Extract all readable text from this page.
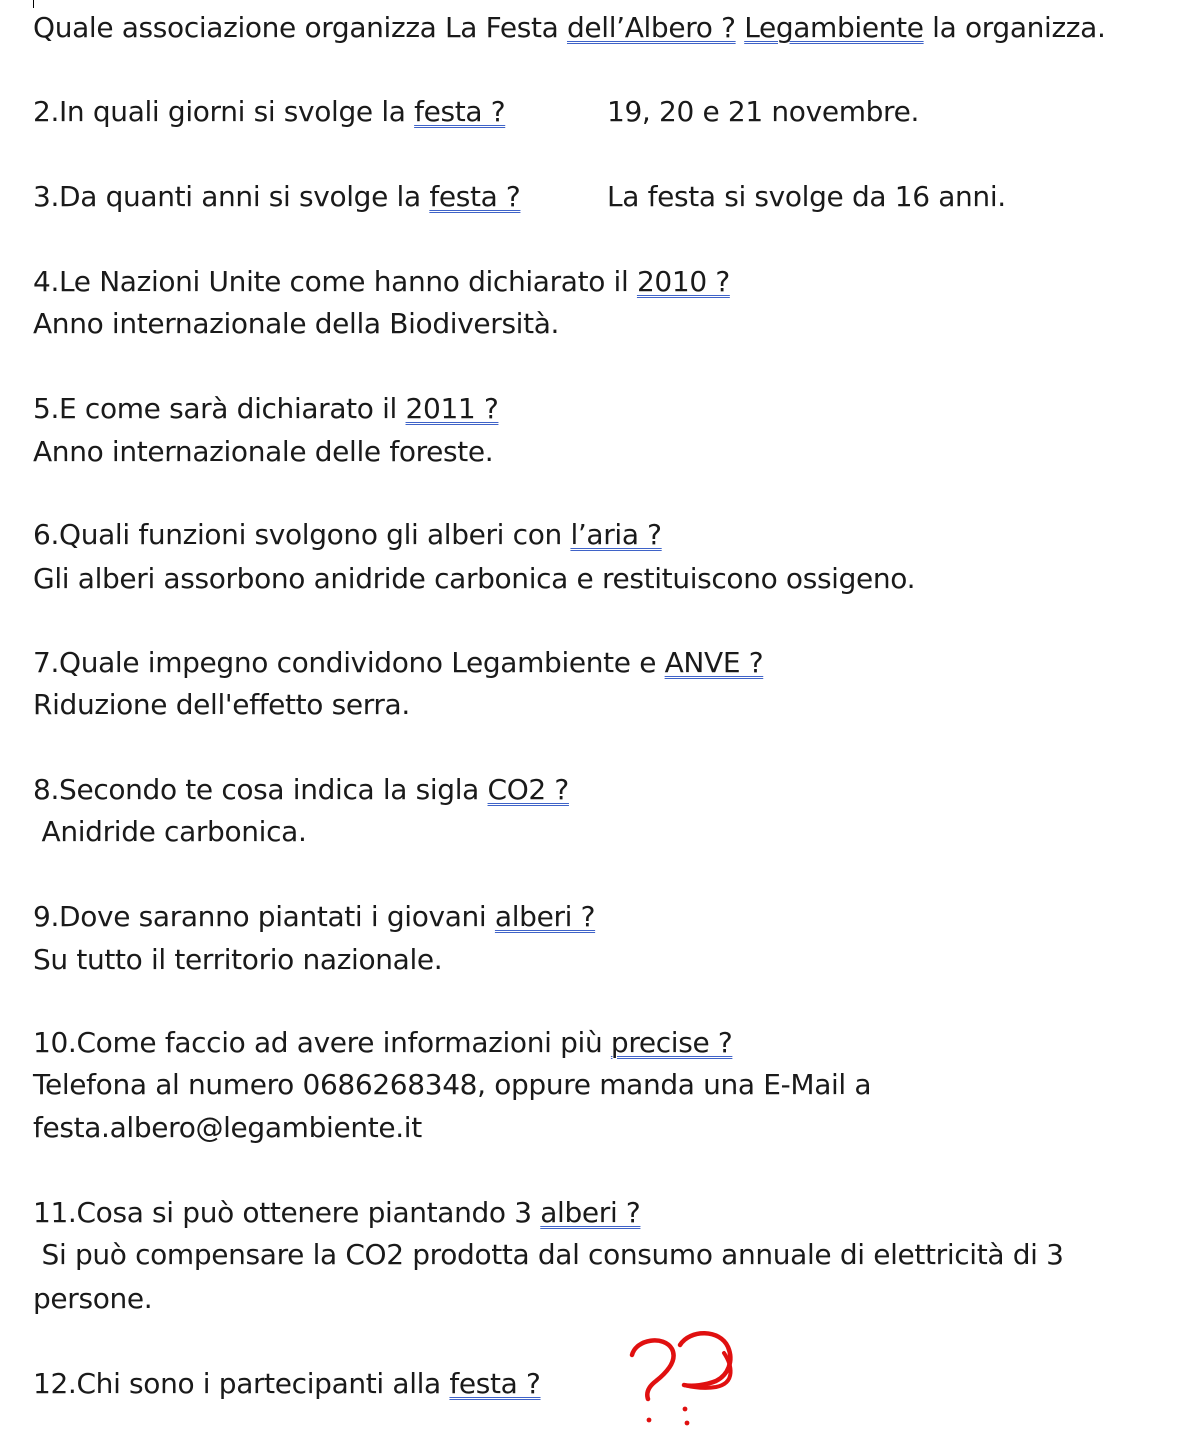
Quale associazione organizza La Festa dell’Albero ? Legambiente la organizza.
2.In quali giorni si svolge la festa ?	19, 20 e 21 novembre.
3.Da quanti anni si svolge la festa ?	La festa si svolge da 16 anni.
4.Le Nazioni Unite come hanno dichiarato il 2010 ?
Anno internazionale della Biodiversità.
5.E come sarà dichiarato il 2011 ?
Anno internazionale delle foreste.
6.Quali funzioni svolgono gli alberi con l’aria ?
Gli alberi assorbono anidride carbonica e restituiscono ossigeno.
7.Quale impegno condividono Legambiente e ANVE ?
Riduzione dell'effetto serra.
8.Secondo te cosa indica la sigla CO2 ?
Anidride carbonica.
9.Dove saranno piantati i giovani alberi ?
Su tutto il territorio nazionale.
10.Come faccio ad avere informazioni più precise ?
Telefona al numero 0686268348, oppure manda una E-Mail a
festa.albero@legambiente.it
11.Cosa si può ottenere piantando 3 alberi ?
Si può compensare la CO2 prodotta dal consumo annuale di elettricità di 3
persone.
12.Chi sono i partecipanti alla festa ?
